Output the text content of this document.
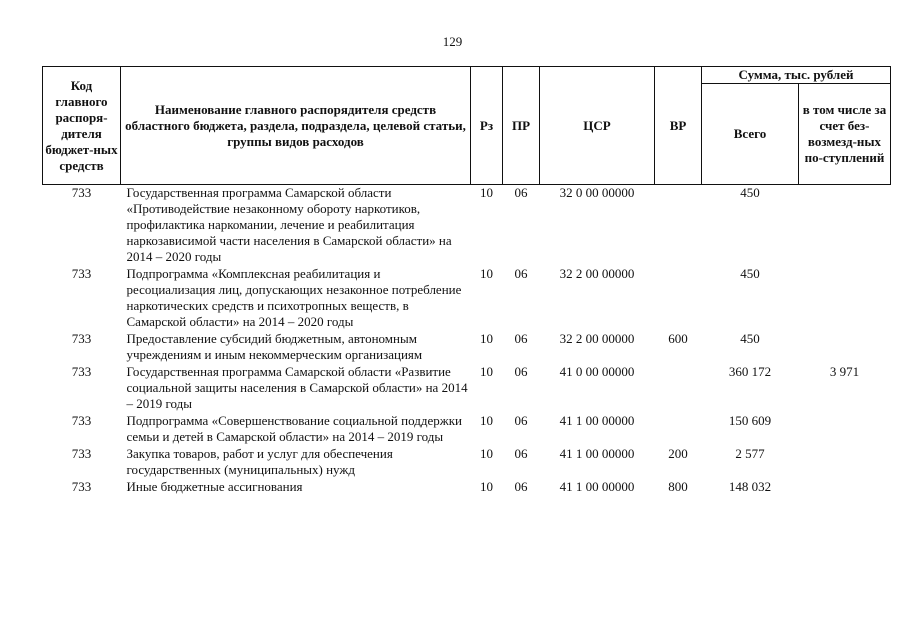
129
Код главного распоря-дителя бюджет-ных средств	Наименование главного распорядителя средств областного бюджета, раздела, подраздела, целевой статьи, группы видов расходов	Рз	ПР	ЦСР	ВР	Сумма, тыс. рублей	
						Всего	в том числе за счет без-возмезд-ных по-ступлений
733	Государственная программа Самарской области «Противодействие незаконному обороту наркотиков, профилактика наркомании, лечение и реабилитация наркозависимой части населения в Самарской области» на 2014 – 2020 годы	10	06	32 0 00 00000		450	
733	Подпрограмма «Комплексная реабилитация и ресоциализация лиц, допускающих незаконное потребление наркотических средств и психотропных веществ, в Самарской области» на 2014 – 2020 годы	10	06	32 2 00 00000		450	
733	Предоставление субсидий бюджетным, автономным учреждениям и иным некоммерческим организациям	10	06	32 2 00 00000	600	450	
733	Государственная программа Самарской области «Развитие социальной защиты населения в Самарской области» на 2014 – 2019 годы	10	06	41 0 00 00000		360 172	3 971
733	Подпрограмма «Совершенствование социальной поддержки семьи и детей в Самарской области» на 2014 – 2019 годы	10	06	41 1 00 00000		150 609	
733	Закупка товаров, работ и услуг для обеспечения государственных (муниципальных) нужд	10	06	41 1 00 00000	200	2 577	
733	Иные бюджетные ассигнования	10	06	41 1 00 00000	800	148 032	
